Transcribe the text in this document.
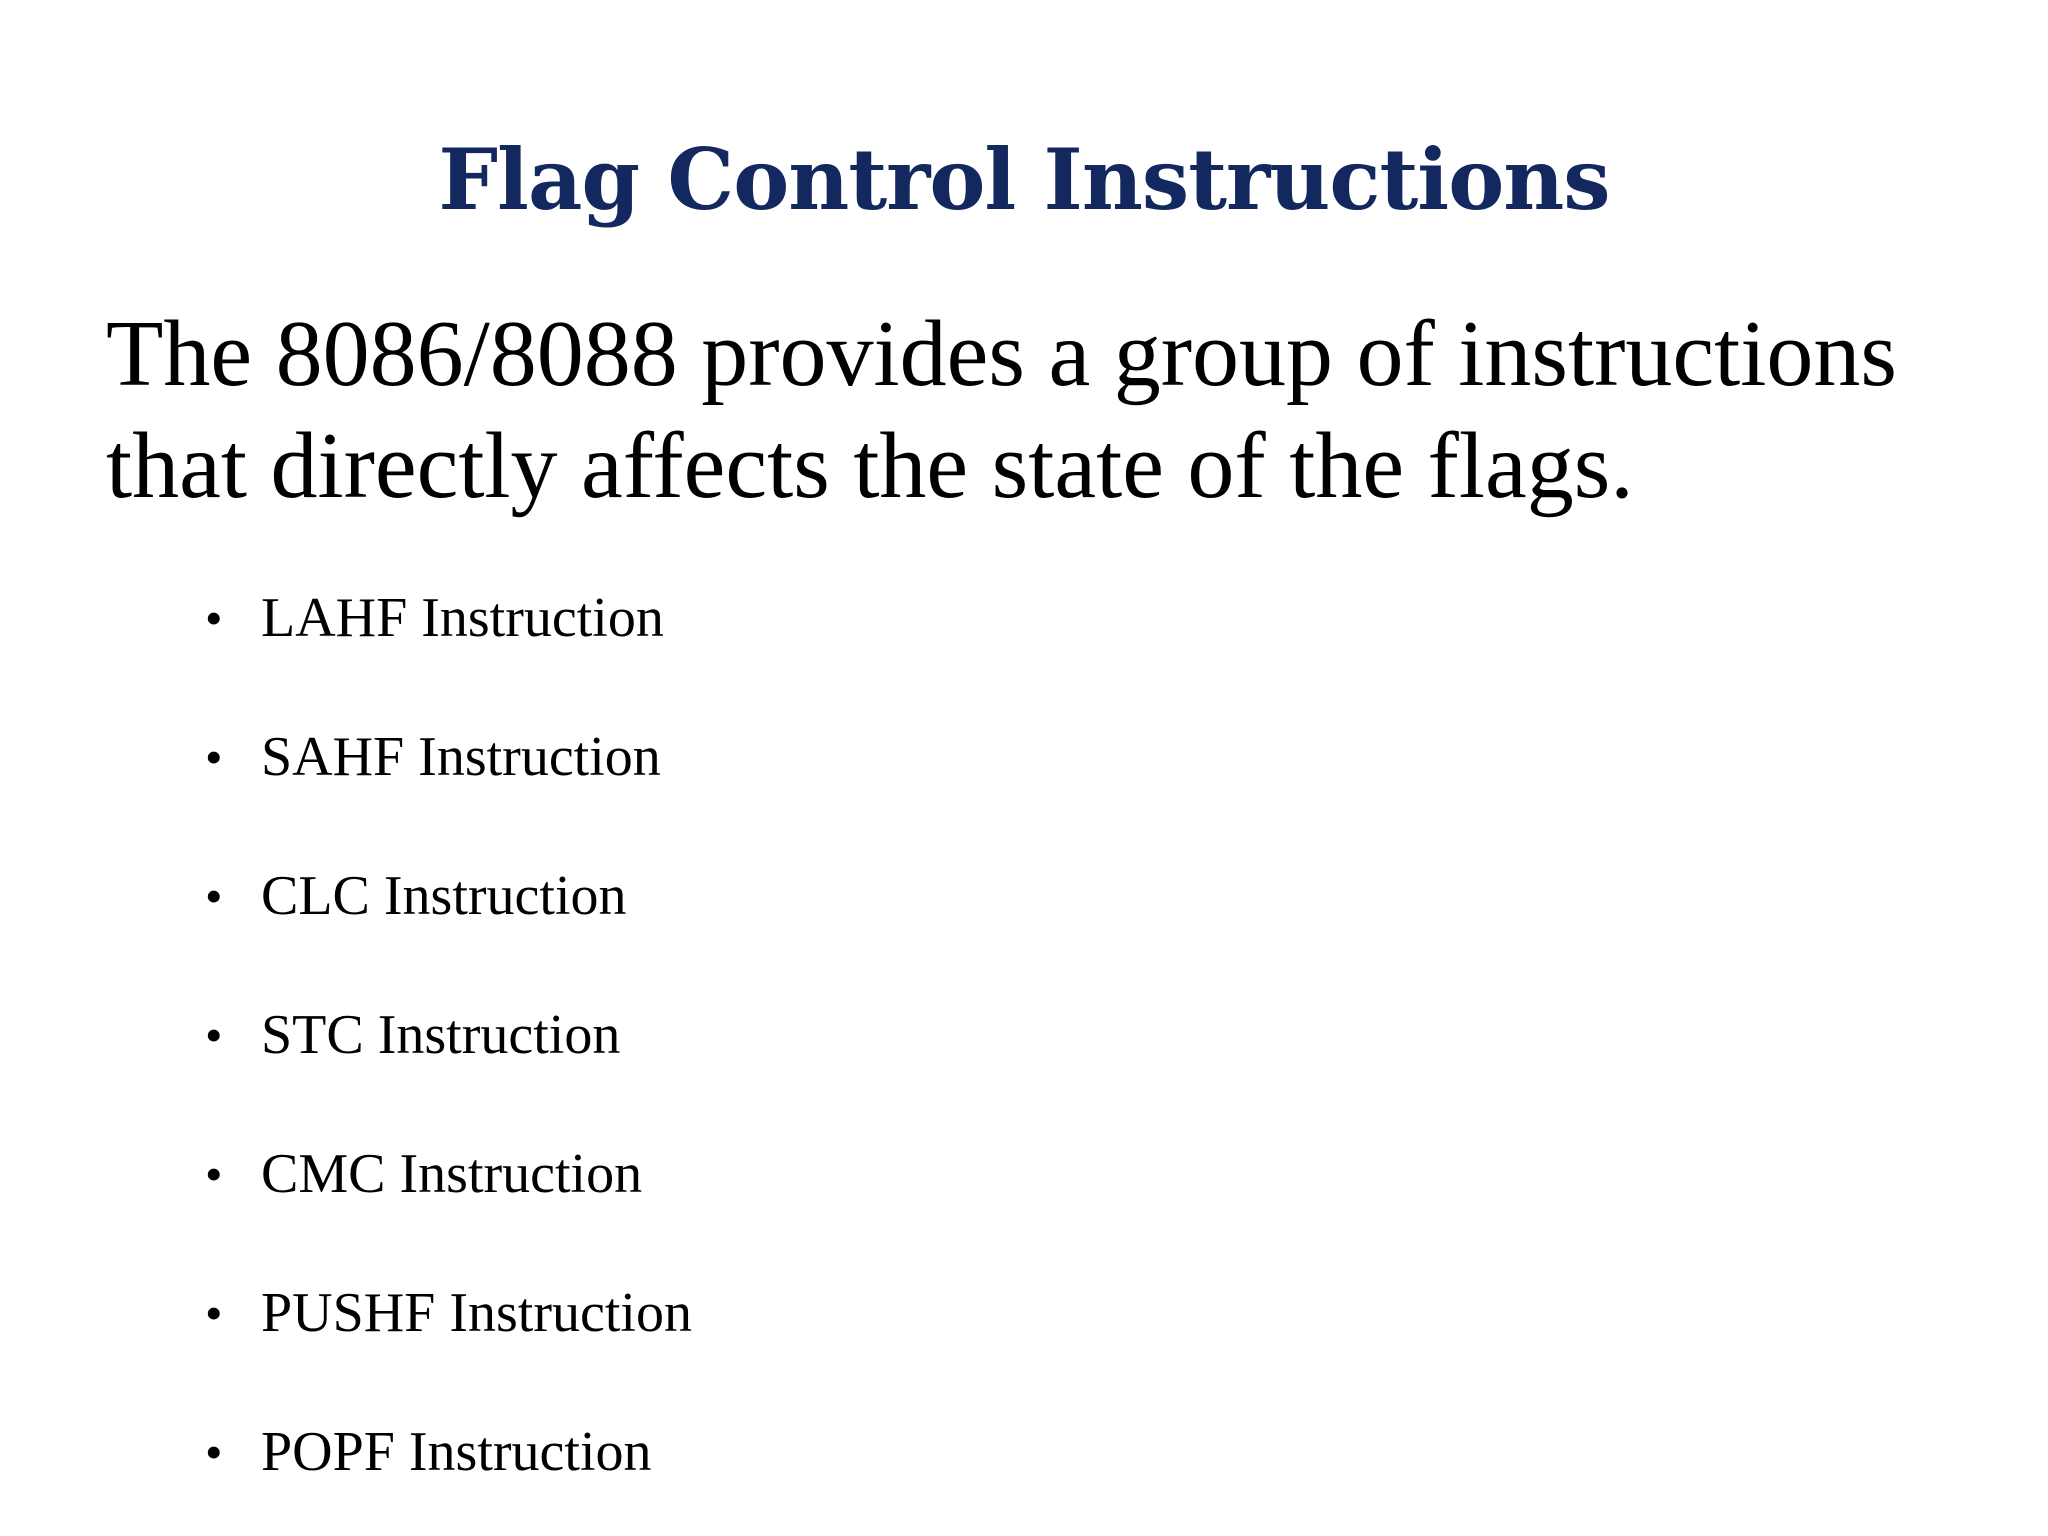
Flag Control Instructions

The 8086/8088 provides a group of instructions that directly affects the state of the flags.

• LAHF Instruction
• SAHF Instruction
• CLC Instruction
• STC Instruction
• CMC Instruction
• PUSHF Instruction
• POPF Instruction
